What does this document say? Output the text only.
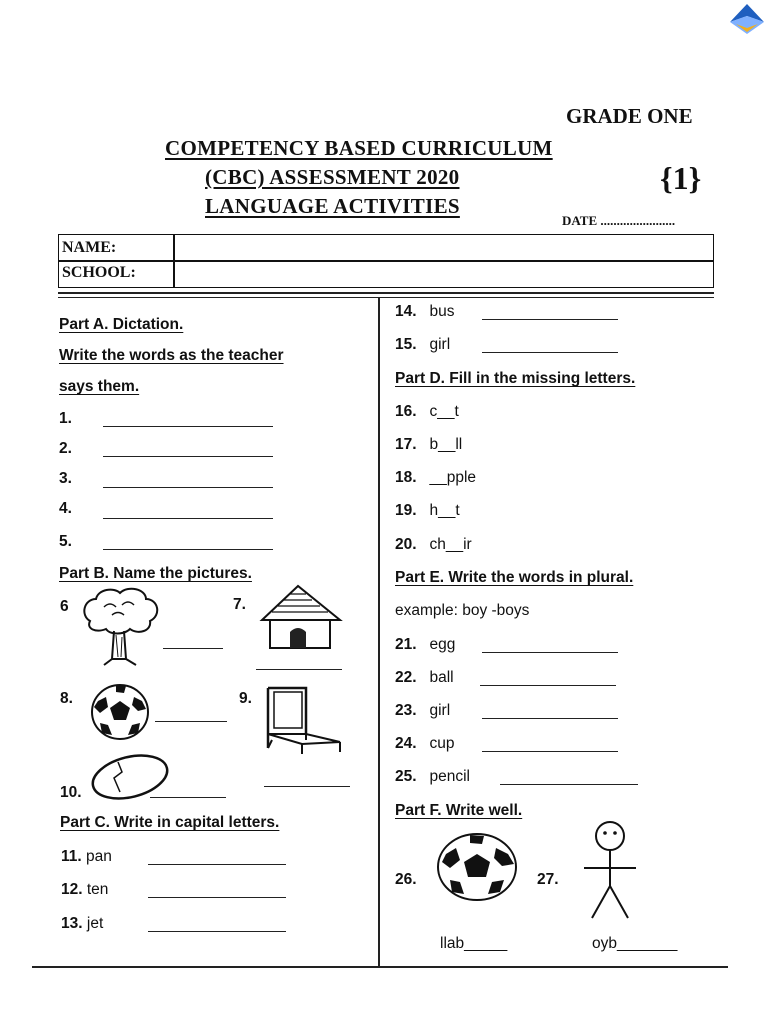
GRADE ONE
COMPETENCY BASED CURRICULUM
(CBC) ASSESSMENT 2020
LANGUAGE ACTIVITIES
{1}
DATE .......................
NAME:
SCHOOL:
Part A. Dictation.
Write the words as the teacher
says them.
1.
2.
3.
4.
5.
Part B. Name the pictures.
6	7.
8.	9.
10.
Part C. Write in capital letters.
11. pan
12. ten
13. jet
14. bus
15. girl
Part D. Fill in the missing letters.
16. c__t
17. b__ll
18. __pple
19. h__t
20. ch__ir
Part E. Write the words in plural.
example: boy -boys
21. egg
22. ball
23. girl
24. cup
25. pencil
Part F. Write well.
26.	27.
llab_____	oyb_______
